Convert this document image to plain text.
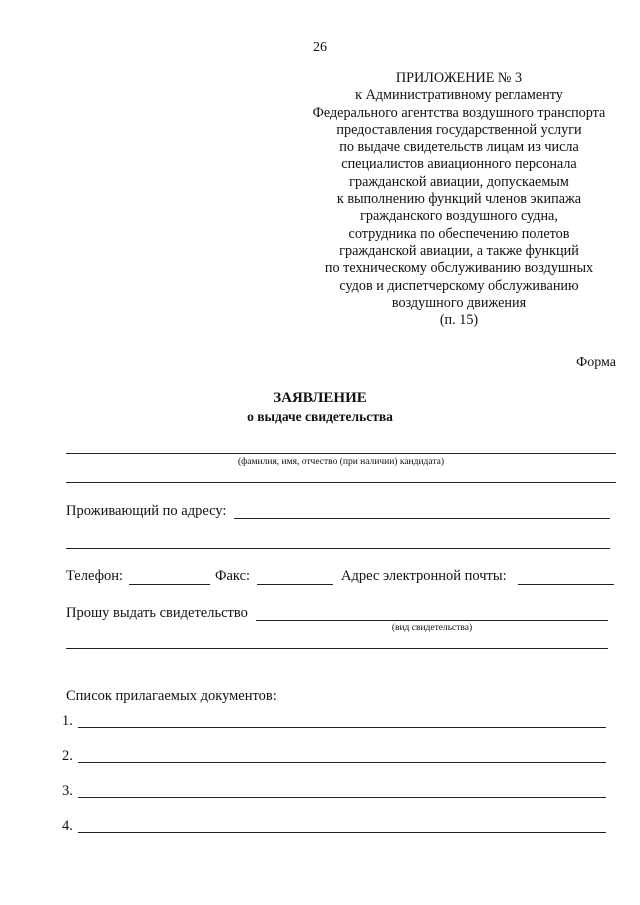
26
ПРИЛОЖЕНИЕ № 3
к Административному регламенту
Федерального агентства воздушного транспорта
предоставления государственной услуги
по выдаче свидетельств лицам из числа
специалистов авиационного персонала
гражданской авиации, допускаемым
к выполнению функций членов экипажа
гражданского воздушного судна,
сотрудника по обеспечению полетов
гражданской авиации, а также функций
по техническому обслуживанию воздушных
судов и диспетчерскому обслуживанию
воздушного движения
(п. 15)
Форма
ЗАЯВЛЕНИЕ
о выдаче свидетельства
(фамилия, имя, отчество (при наличии) кандидата)
Проживающий по адресу:
Телефон:	Факс:	Адрес электронной почты:
Прошу выдать свидетельство
(вид свидетельства)
Список прилагаемых документов:
1.
2.
3.
4.
